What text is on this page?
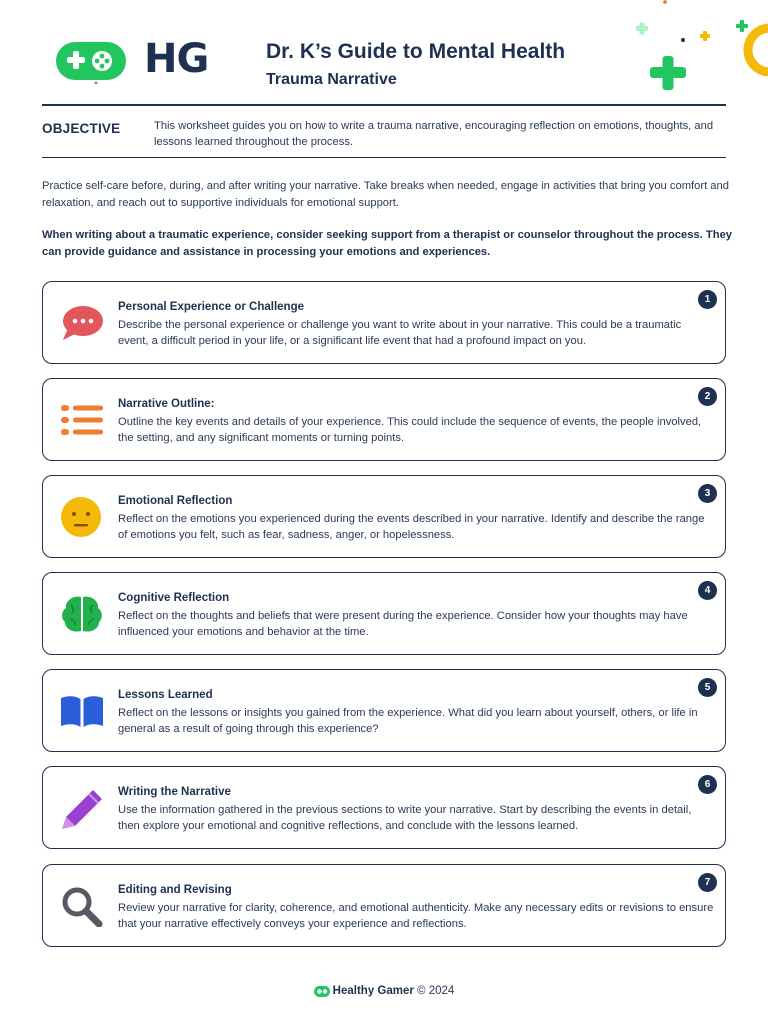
HG	Dr. K’s Guide to Mental Health
Trauma Narrative
OBJECTIVE	This worksheet guides you on how to write a trauma narrative, encouraging reflection on emotions, thoughts, and lessons learned throughout the process.
Practice self-care before, during, and after writing your narrative. Take breaks when needed, engage in activities that bring you comfort and relaxation, and reach out to supportive individuals for emotional support.
When writing about a traumatic experience, consider seeking support from a therapist or counselor throughout the process. They can provide guidance and assistance in processing your emotions and experiences.
Personal Experience or Challenge
Describe the personal experience or challenge you want to write about in your narrative. This could be a traumatic event, a difficult period in your life, or a significant life event that had a profound impact on you.
1
Narrative Outline:
Outline the key events and details of your experience. This could include the sequence of events, the people involved, the setting, and any significant moments or turning points.
2
Emotional Reflection
Reflect on the emotions you experienced during the events described in your narrative. Identify and describe the range of emotions you felt, such as fear, sadness, anger, or hopelessness.
3
Cognitive Reflection
Reflect on the thoughts and beliefs that were present during the experience. Consider how your thoughts may have influenced your emotions and behavior at the time.
4
Lessons Learned
Reflect on the lessons or insights you gained from the experience. What did you learn about yourself, others, or life in general as a result of going through this experience?
5
Writing the Narrative
Use the information gathered in the previous sections to write your narrative. Start by describing the events in detail, then explore your emotional and cognitive reflections, and conclude with the lessons learned.
6
Editing and Revising
Review your narrative for clarity, coherence, and emotional authenticity. Make any necessary edits or revisions to ensure that your narrative effectively conveys your experience and reflections.
7
Healthy Gamer © 2024
